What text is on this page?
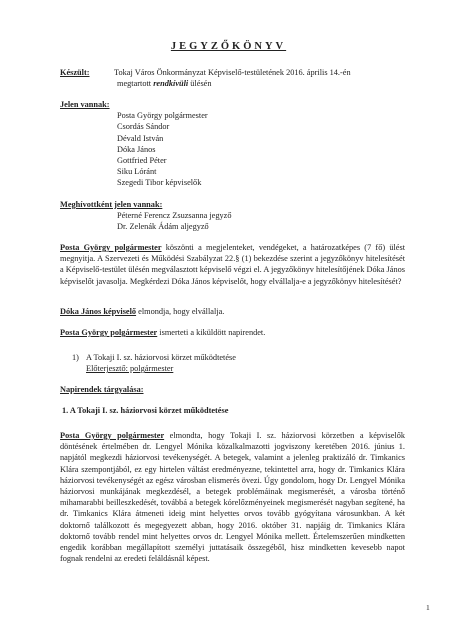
JEGYZŐKÖNYV
Készült:	Tokaj Város Önkormányzat Képviselő-testületének 2016. április 14.-én
megtartott rendkívüli ülésén
Jelen vannak:
Posta György polgármester
Csordás Sándor
Dévald István
Dóka János
Gottfried Péter
Siku Lóránt
Szegedi Tibor képviselők
Meghívottként jelen vannak:
Péterné Ferencz Zsuzsanna jegyző
Dr. Zelenák Ádám aljegyző
Posta György polgármester köszönti a megjelenteket, vendégeket, a határozatképes (7 fő) ülést megnyitja. A Szervezeti és Működési Szabályzat 22.§ (1) bekezdése szerint a jegyzőkönyv hitelesítését a Képviselő-testület ülésén megválasztott képviselő végzi el. A jegyzőkönyv hitelesítőjének Dóka János képviselőt javasolja. Megkérdezi Dóka János képviselőt, hogy elvállalja-e a jegyzőkönyv hitelesítését?
Dóka János képviselő elmondja, hogy elvállalja.
Posta György polgármester ismerteti a kiküldött napirendet.
1) A Tokaji I. sz. háziorvosi körzet működtetése
Előterjesztő: polgármester
Napirendek tárgyalása:
1. A Tokaji I. sz. háziorvosi körzet működtetése
Posta György polgármester elmondta, hogy Tokaji I. sz. háziorvosi körzetben a képviselők döntésének értelmében dr. Lengyel Mónika közalkalmazotti jogviszony keretében 2016. június 1. napjától megkezdi háziorvosi tevékenységét. A betegek, valamint a jelenleg praktizáló dr. Timkanics Klára szempontjából, ez egy hirtelen váltást eredményezne, tekintettel arra, hogy dr. Timkanics Klára háziorvosi tevékenységét az egész városban elismerés övezi. Úgy gondolom, hogy Dr. Lengyel Mónika háziorvosi munkájának megkezdésél, a betegek problémáinak megismerését, a városba történő mihamarabbi beilleszkedését, továbbá a betegek kórelőzményeinek megismerését nagyban segítené, ha dr. Timkanics Klára átmeneti ideig mint helyettes orvos tovább gyógyítana városunkban. A két doktornő találkozott és megegyezett abban, hogy 2016. október 31. napjáig dr. Timkanics Klára doktornő tovább rendel mint helyettes orvos dr. Lengyel Mónika mellett. Értelemszerűen mindketten engedik korábban megállapított személyi juttatásaik összegéből, hisz mindketten kevesebb napot fognak rendelni az eredeti feláldásnál képest.
1
